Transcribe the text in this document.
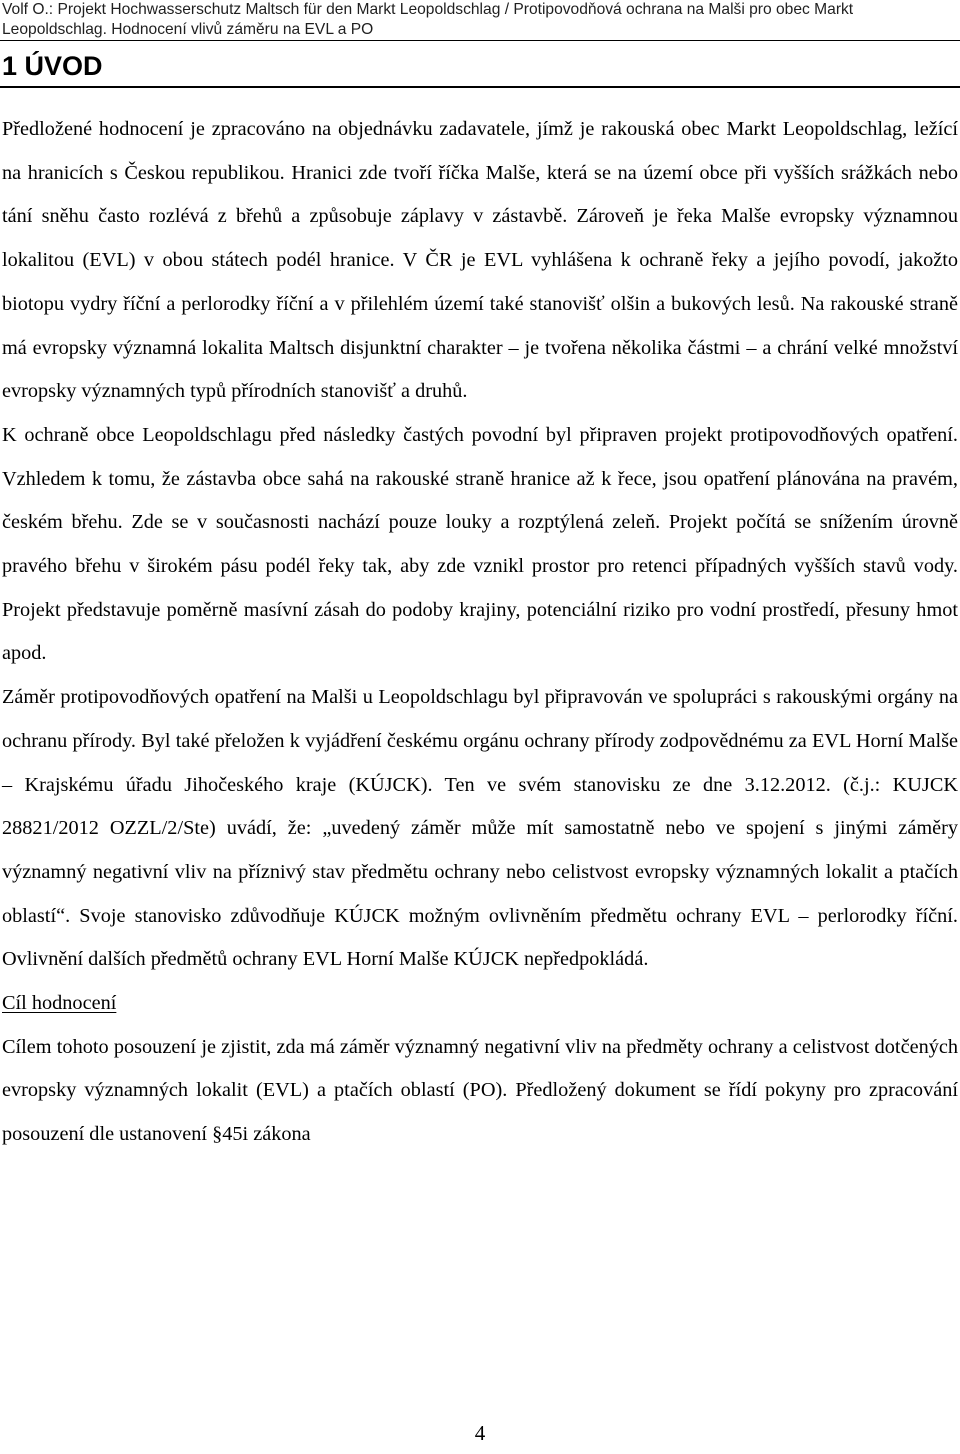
Volf O.: Projekt Hochwasserschutz Maltsch für den Markt Leopoldschlag / Protipovodňová ochrana na Malši pro obec Markt
Leopoldschlag. Hodnocení vlivů záměru na EVL a PO
1 ÚVOD

Předložené hodnocení je zpracováno na objednávku zadavatele, jímž je rakouská obec Markt Leopoldschlag, ležící na hranicích s Českou republikou. Hranici zde tvoří říčka Malše, která se na území obce při vyšších srážkách nebo tání sněhu často rozlévá z břehů a způsobuje záplavy v zástavbě. Zároveň je řeka Malše evropsky významnou lokalitou (EVL) v obou státech podél hranice. V ČR je EVL vyhlášena k ochraně řeky a jejího povodí, jakožto biotopu vydry říční a perlorodky říční a v přilehlém území také stanovišť olšin a bukových lesů. Na rakouské straně má evropsky významná lokalita Maltsch disjunktní charakter – je tvořena několika částmi – a chrání velké množství evropsky významných typů přírodních stanovišť a druhů.

K ochraně obce Leopoldschlagu před následky častých povodní byl připraven projekt protipovodňových opatření. Vzhledem k tomu, že zástavba obce sahá na rakouské straně hranice až k řece, jsou opatření plánována na pravém, českém břehu. Zde se v současnosti nachází pouze louky a rozptýlená zeleň. Projekt počítá se snížením úrovně pravého břehu v širokém pásu podél řeky tak, aby zde vznikl prostor pro retenci případných vyšších stavů vody. Projekt představuje poměrně masívní zásah do podoby krajiny, potenciální riziko pro vodní prostředí, přesuny hmot apod.

Záměr protipovodňových opatření na Malši u Leopoldschlagu byl připravován ve spolupráci s rakouskými orgány na ochranu přírody. Byl také přeložen k vyjádření českému orgánu ochrany přírody zodpovědnému za EVL Horní Malše – Krajskému úřadu Jihočeského kraje (KÚJCK). Ten ve svém stanovisku ze dne 3.12.2012. (č.j.: KUJCK 28821/2012 OZZL/2/Ste) uvádí, že: „uvedený záměr může mít samostatně nebo ve spojení s jinými záměry významný negativní vliv na příznivý stav předmětu ochrany nebo celistvost evropsky významných lokalit a ptačích oblastí“. Svoje stanovisko zdůvodňuje KÚJCK možným ovlivněním předmětu ochrany EVL – perlorodky říční. Ovlivnění dalších předmětů ochrany EVL Horní Malše KÚJCK nepředpokládá.

Cíl hodnocení

Cílem tohoto posouzení je zjistit, zda má záměr významný negativní vliv na předměty ochrany a celistvost dotčených evropsky významných lokalit (EVL) a ptačích oblastí (PO). Předložený dokument se řídí pokyny pro zpracování posouzení dle ustanovení §45i zákona

4
